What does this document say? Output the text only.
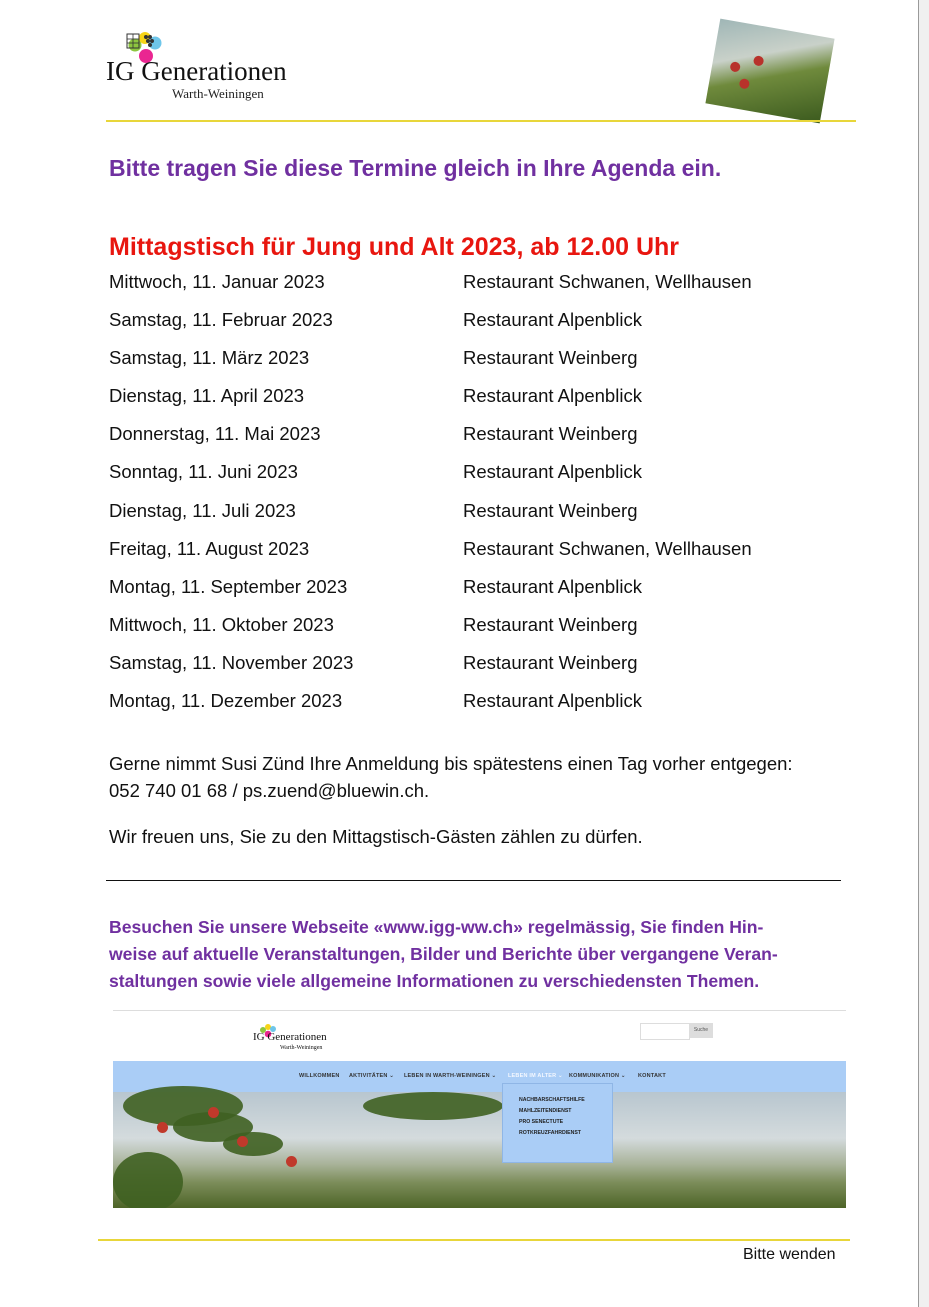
IG Generationen
Warth-Weiningen
Bitte tragen Sie diese Termine gleich in Ihre Agenda ein.
Mittagstisch für Jung und Alt 2023, ab 12.00 Uhr
Mittwoch, 11. Januar 2023	Restaurant Schwanen, Wellhausen
Samstag, 11. Februar 2023	Restaurant Alpenblick
Samstag, 11. März 2023	Restaurant Weinberg
Dienstag, 11. April 2023	Restaurant Alpenblick
Donnerstag, 11. Mai 2023	Restaurant Weinberg
Sonntag, 11. Juni 2023	Restaurant Alpenblick
Dienstag, 11. Juli 2023	Restaurant Weinberg
Freitag, 11. August 2023	Restaurant Schwanen, Wellhausen
Montag, 11. September 2023	Restaurant Alpenblick
Mittwoch, 11. Oktober 2023	Restaurant Weinberg
Samstag, 11. November 2023	Restaurant Weinberg
Montag, 11. Dezember 2023	Restaurant Alpenblick
Gerne nimmt Susi Zünd Ihre Anmeldung bis spätestens einen Tag vorher entgegen:
052 740 01 68 / ps.zuend@bluewin.ch.
Wir freuen uns, Sie zu den Mittagstisch-Gästen zählen zu dürfen.
Besuchen Sie unsere Webseite «www.igg-ww.ch» regelmässig, Sie finden Hin-
weise auf aktuelle Veranstaltungen, Bilder und Berichte über vergangene Veran-
staltungen sowie viele allgemeine Informationen zu verschiedensten Themen.
IG Generationen
Warth-Weiningen
Suche
WILLKOMMEN AKTIVITÄTEN ⌄ LEBEN IN WARTH-WEININGEN ⌄ LEBEN IM ALTER ⌄ KOMMUNIKATION ⌄ KONTAKT
NACHBARSCHAFTSHILFE
MAHLZEITENDIENST
PRO SENECTUTE
ROTKREUZFAHRDIENST
Bitte wenden
